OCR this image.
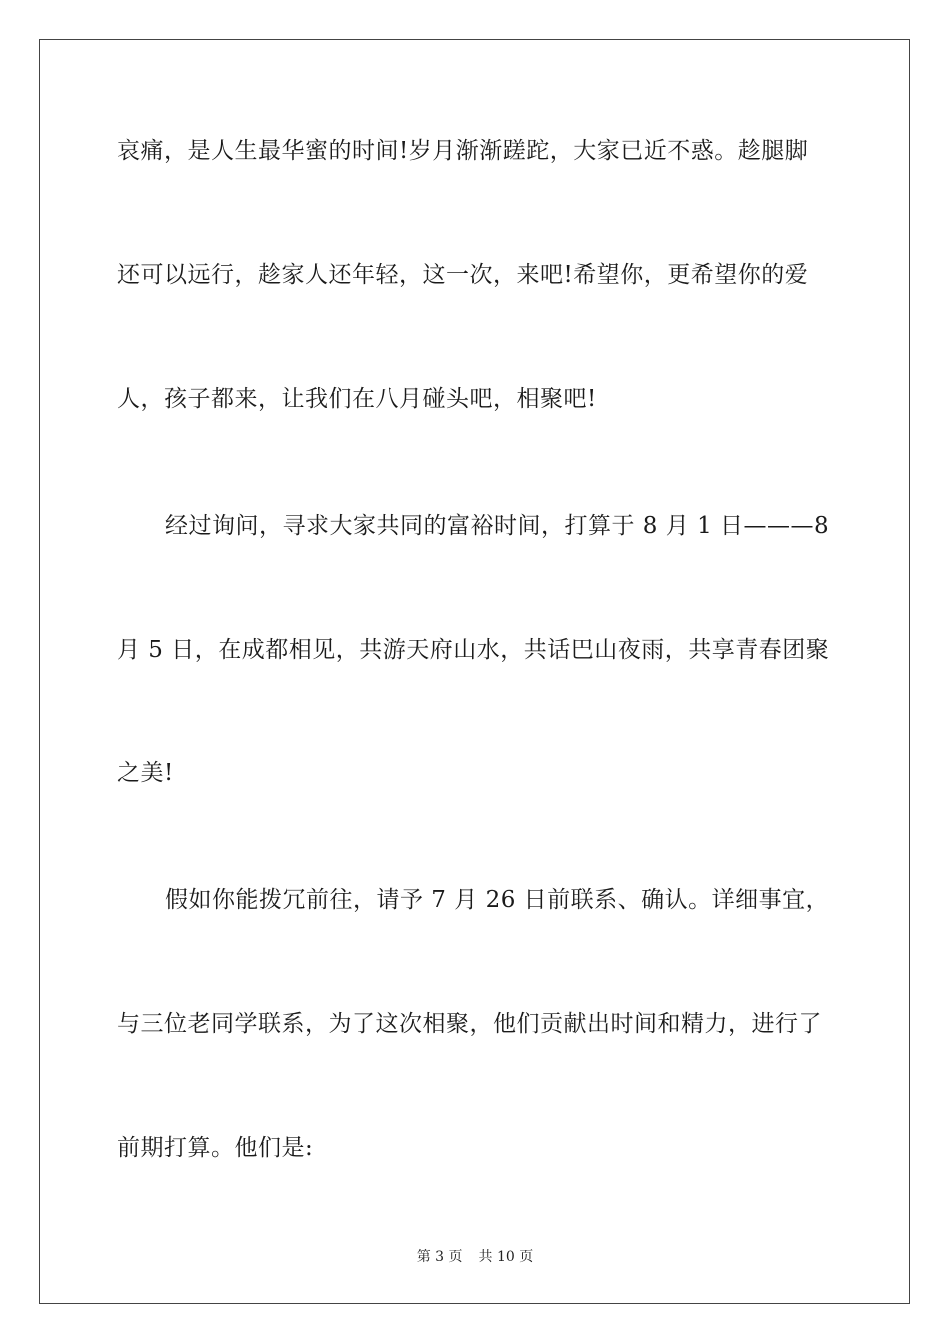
哀痛，是人生最华蜜的时间!岁月渐渐蹉跎，大家已近不惑。趁腿脚
还可以远行，趁家人还年轻，这一次，来吧!希望你，更希望你的爱
人，孩子都来，让我们在八月碰头吧，相聚吧!
经过询问，寻求大家共同的富裕时间，打算于 8 月 1 日———8
月 5 日，在成都相见，共游天府山水，共话巴山夜雨，共享青春团聚
之美!
假如你能拨冗前往，请予 7 月 26 日前联系、确认。详细事宜，
与三位老同学联系，为了这次相聚，他们贡献出时间和精力，进行了
前期打算。他们是:
第 3 页 共 10 页
